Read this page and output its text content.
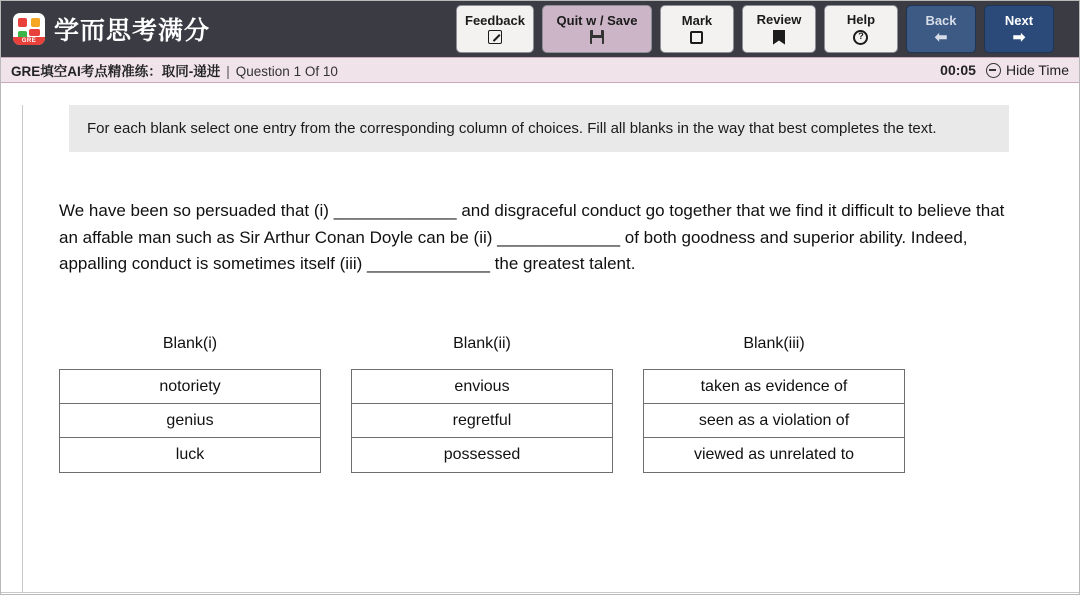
GRE 学而思考满分	Feedback Quit w / Save	Mark	Review	Help
?
Back
⬅
Next
➡
GRE填空AI考点精准练： 取同-递进 | Question 1 Of 10	00:05 Hide Time
For each blank select one entry from the corresponding column of choices. Fill all blanks in the way that best completes the text.
We have been so persuaded that (i) _____________ and disgraceful conduct go together that we find it difficult to believe that an affable man such as Sir Arthur Conan Doyle can be (ii) _____________ of both goodness and superior ability. Indeed, appalling conduct is sometimes itself (iii) _____________ the greatest talent.
Blank(i)
notoriety
genius
luck
Blank(ii)
envious
regretful
possessed
Blank(iii)
taken as evidence of
seen as a violation of
viewed as unrelated to
